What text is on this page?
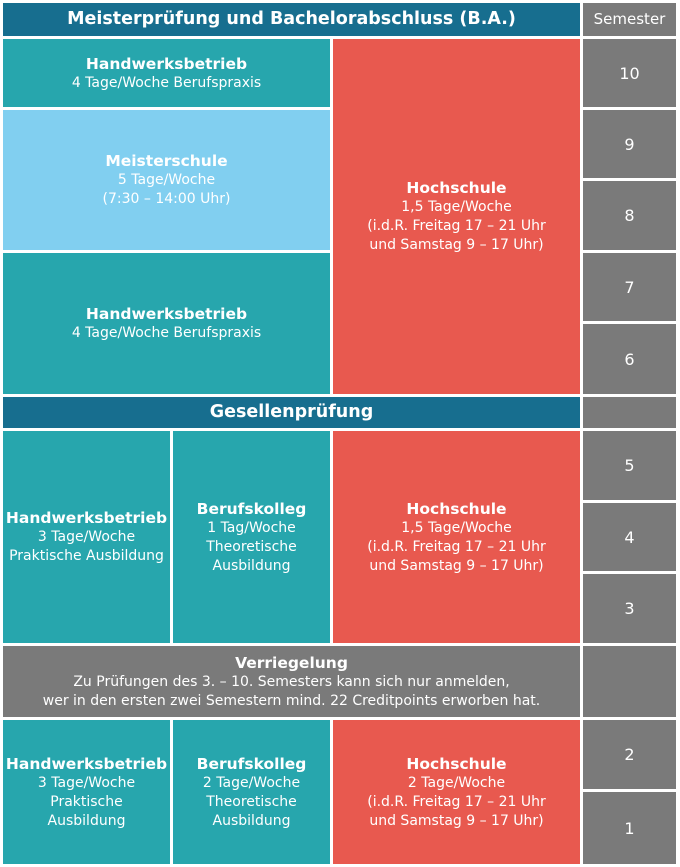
Meisterprüfung und Bachelorabschluss (B.A.)	Semester
Handwerksbetrieb
4 Tage/Woche Berufspraxis
Meisterschule
5 Tage/Woche
(7:30 – 14:00 Uhr)
Handwerksbetrieb
4 Tage/Woche Berufspraxis
Hochschule
1,5 Tage/Woche
(i.d.R. Freitag 17 – 21 Uhr
und Samstag 9 – 17 Uhr)
Gesellenprüfung
Handwerksbetrieb
3 Tage/Woche
Praktische Ausbildung
Berufskolleg
1 Tag/Woche
Theoretische
Ausbildung
Hochschule
1,5 Tage/Woche
(i.d.R. Freitag 17 – 21 Uhr
und Samstag 9 – 17 Uhr)
Verriegelung
Zu Prüfungen des 3. – 10. Semesters kann sich nur anmelden,
wer in den ersten zwei Semestern mind. 22 Creditpoints erworben hat.
Handwerksbetrieb
3 Tage/Woche
Praktische
Ausbildung
Berufskolleg
2 Tage/Woche
Theoretische
Ausbildung
Hochschule
2 Tage/Woche
(i.d.R. Freitag 17 – 21 Uhr
und Samstag 9 – 17 Uhr)
10
9
8
7
6
5
4
3
2
1
